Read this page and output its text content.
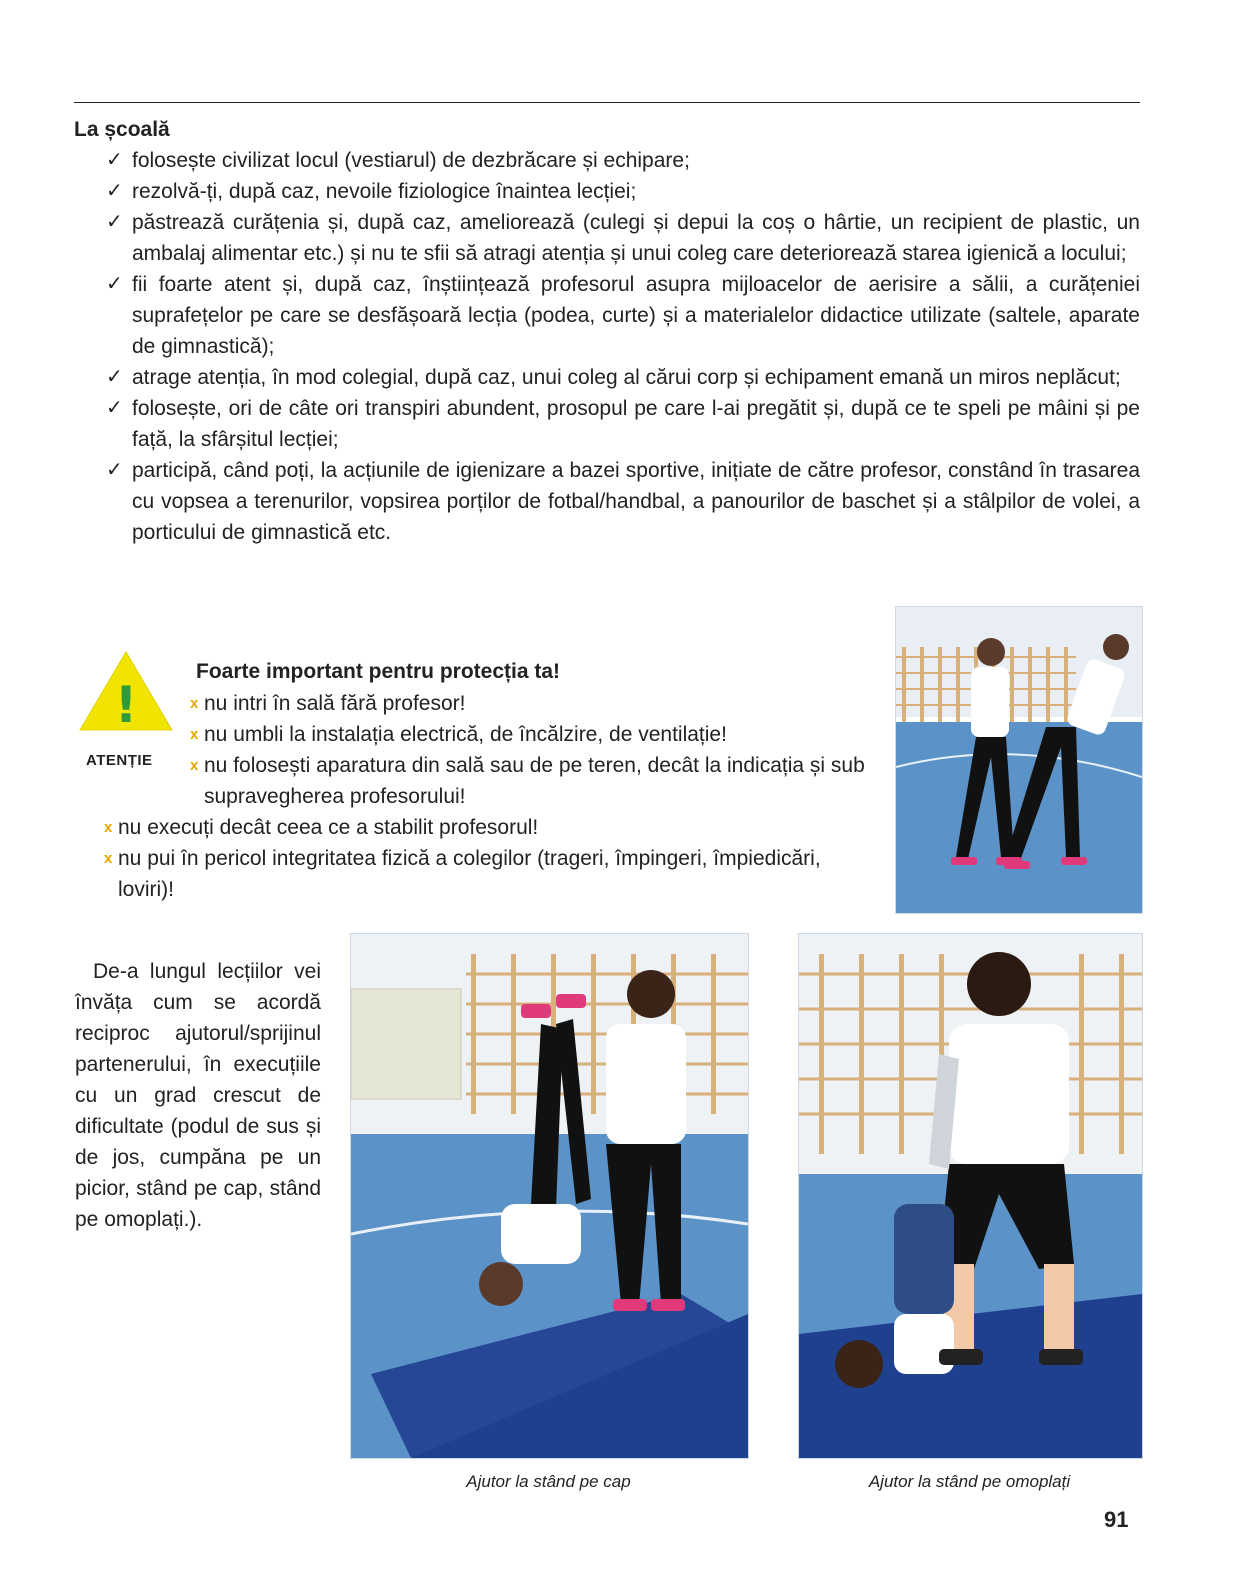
La școală
✓ folosește civilizat locul (vestiarul) de dezbrăcare și echipare;
✓ rezolvă-ți, după caz, nevoile fiziologice înaintea lecției;
✓ păstrează curățenia și, după caz, ameliorează (culegi și depui la coș o hârtie, un recipient de plastic, un ambalaj alimentar etc.) și nu te sfii să atragi atenția și unui coleg care deteriorează starea igienică a locului;
✓ fii foarte atent și, după caz, înștiințează profesorul asupra mijloacelor de aerisire a sălii, a curățeniei suprafețelor pe care se desfășoară lecția (podea, curte) și a materialelor didactice utilizate (saltele, aparate de gimnastică);
✓ atrage atenția, în mod colegial, după caz, unui coleg al cărui corp și echipament emană un miros neplăcut;
✓ folosește, ori de câte ori transpiri abundent, prosopul pe care l-ai pregătit și, după ce te speli pe mâini și pe față, la sfârșitul lecției;
✓ participă, când poți, la acțiunile de igienizare a bazei sportive, inițiate de către profesor, constând în trasarea cu vopsea a terenurilor, vopsirea porților de fotbal/handbal, a panourilor de baschet și a stâlpilor de volei, a porticului de gimnastică etc.
!
ATENȚIE
Foarte important pentru protecția ta!
x nu intri în sală fără profesor!
x nu umbli la instalația electrică, de încălzire, de ventilație!
x nu folosești aparatura din sală sau de pe teren, decât la indicația și sub supravegherea profesorului!
x nu execuți decât ceea ce a stabilit profesorul!
x nu pui în pericol integritatea fizică a colegilor (trageri, împingeri, împiedicări, loviri)!
De-a lungul lecțiilor vei învăța cum se acordă reciproc ajutorul/sprijinul partenerului, în execuțiile cu un grad crescut de dificultate (podul de sus și de jos, cumpăna pe un picior, stând pe cap, stând pe omoplați.).
Ajutor la stând pe cap	Ajutor la stând pe omoplați
91
